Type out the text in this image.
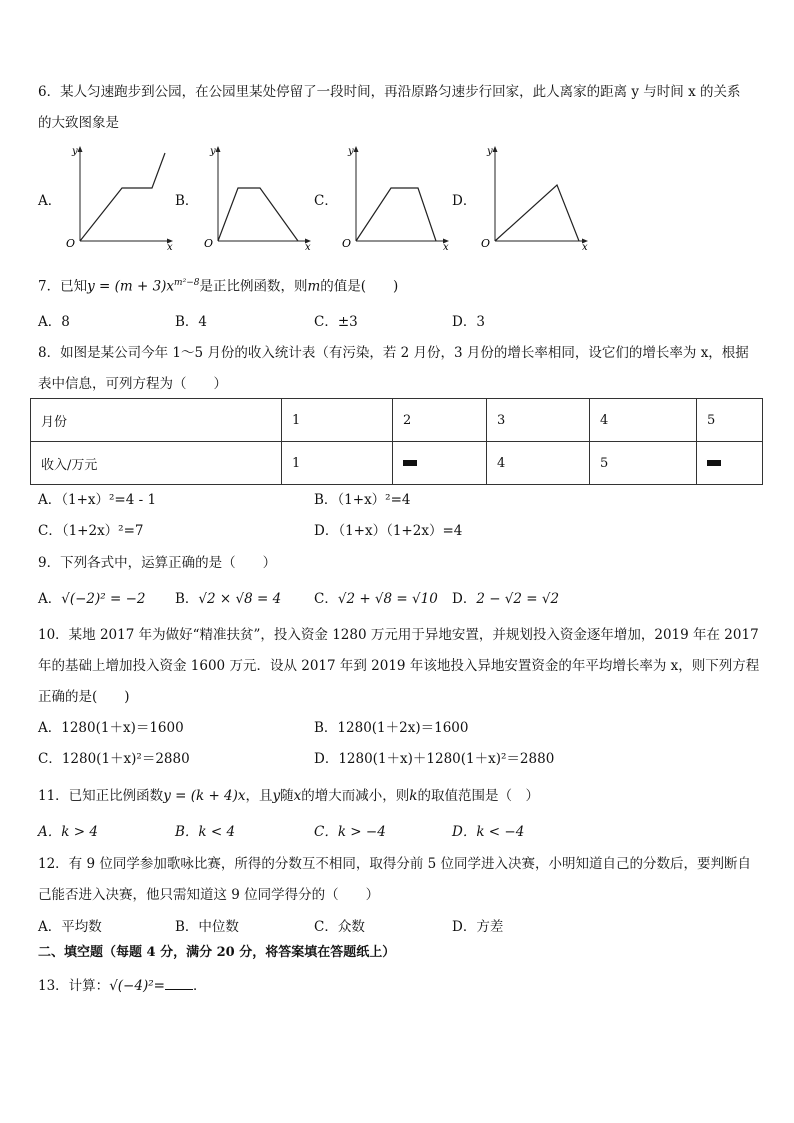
6．某人匀速跑步到公园，在公园里某处停留了一段时间，再沿原路匀速步行回家，此人离家的距离 y 与时间 x 的关系
的大致图象是
A．	B．	C．	D．
y
x
O
y
x
O
y
x
O
y
x
O
7．已知$y = (m + 3)x^{m^2-8}$是正比例函数，则m的值是(　　)
A．8	B．4	C．±3	D．3
8．如图是某公司今年 1～5 月份的收入统计表（有污染，若 2 月份，3 月份的增长率相同，设它们的增长率为 x，根据
表中信息，可列方程为（　　）
月份	1	2	3	4	5
收入/万元	1		4	5	
A．（1+x）²=4 - 1	B．（1+x）²=4
C．（1+2x）²=7	D．（1+x）（1+2x）=4
9．下列各式中，运算正确的是（　　）
A．√(−2)² = −2 B．√2 × √8 = 4 C．√2 + √8 = √10 D．2 − √2 = √2
10．某地 2017 年为做好“精准扶贫”，投入资金 1280 万元用于异地安置，并规划投入资金逐年增加，2019 年在 2017
年的基础上增加投入资金 1600 万元．设从 2017 年到 2019 年该地投入异地安置资金的年平均增长率为 x，则下列方程
正确的是(　　)
A．1280(1＋x)＝1600	B．1280(1＋2x)＝1600
C．1280(1＋x)²＝2880	D．1280(1＋x)＋1280(1＋x)²＝2880
11．已知正比例函数y = (k + 4)x，且y随x的增大而减小，则k的取值范围是（　）
A．k > 4	B．k < 4	C．k > −4	D．k < −4
12．有 9 位同学参加歌咏比赛，所得的分数互不相同，取得分前 5 位同学进入决赛，小明知道自己的分数后，要判断自
己能否进入决赛，他只需知道这 9 位同学得分的（　　）
A．平均数	B．中位数	C．众数	D．方差
二、填空题（每题 4 分，满分 20 分，将答案填在答题纸上）
13．计算：√(−4)²= ．
